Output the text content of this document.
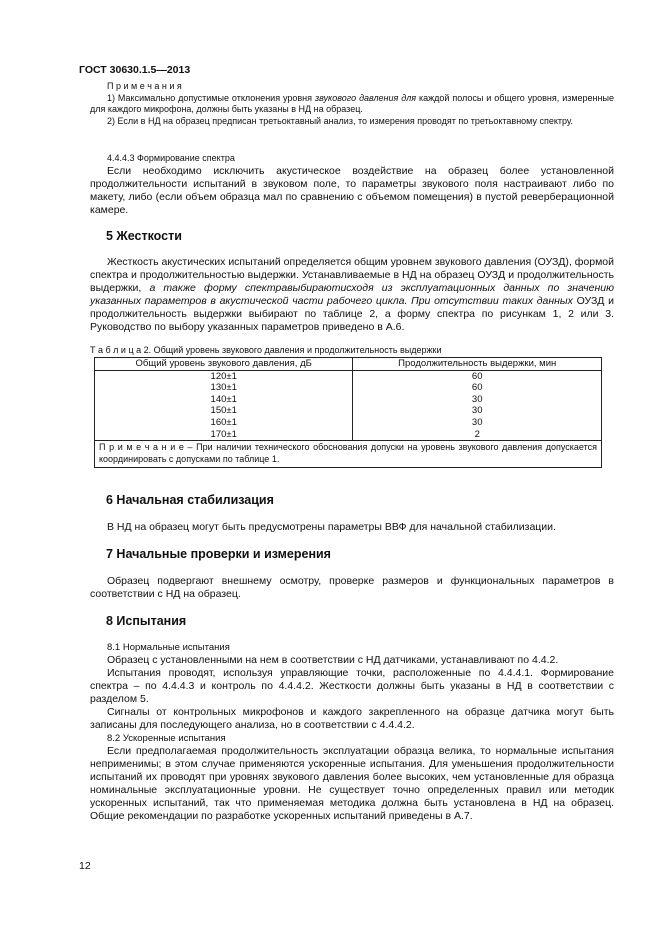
ГОСТ 30630.1.5—2013

П р и м е ч а н и я

1) Максимально допустимые отклонения уровня звукового давления для каждой полосы и общего уровня, измеренные для каждого микрофона, должны быть указаны в НД на образец.

2) Если в НД на образец предписан третьоктавный анализ, то измерения проводят по третьоктавному спектру.

4.4.4.3 Формирование спектра

Если необходимо исключить акустическое воздействие на образец более установленной продолжительности испытаний в звуковом поле, то параметры звукового поля настраивают либо по макету, либо (если объем образца мал по сравнению с объемом помещения) в пустой реверберационной камере.

5 Жесткости

Жесткость акустических испытаний определяется общим уровнем звукового давления (ОУЗД), формой спектра и продолжительностью выдержки. Устанавливаемые в НД на образец ОУЗД и продолжительность выдержки, а также форму спектравыбираютисходя из эксплуатационных данных по значению указанных параметров в акустической части рабочего цикла. При отсутствии таких данных ОУЗД и продолжительность выдержки выбирают по таблице 2, а форму спектра по рисункам 1, 2 или 3. Руководство по выбору указанных параметров приведено в А.6.

Т а б л и ц а 2. Общий уровень звукового давления и продолжительность выдержки
Общий уровень звукового давления, дБ	Продолжительность выдержки, мин
120±1	60
130±1	60
140±1	30
150±1	30
160±1	30
170±1	2
П р и м е ч а н и е – При наличии технического обоснования допуски на уровень звукового давления допускается координировать с допусками по таблице 1.	
6 Начальная стабилизация

В НД на образец могут быть предусмотрены параметры ВВФ для начальной стабилизации.

7 Начальные проверки и измерения

Образец подвергают внешнему осмотру, проверке размеров и функциональных параметров в соответствии с НД на образец.

8 Испытания

8.1 Нормальные испытания

Образец с установленными на нем в соответствии с НД датчиками, устанавливают по 4.4.2.

Испытания проводят, используя управляющие точки, расположенные по 4.4.4.1. Формирование спектра – по 4.4.4.3 и контроль по 4.4.4.2. Жесткости должны быть указаны в НД в соответствии с разделом 5.

Сигналы от контрольных микрофонов и каждого закрепленного на образце датчика могут быть записаны для последующего анализа, но в соответствии с 4.4.4.2.

8.2 Ускоренные испытания

Если предполагаемая продолжительность эксплуатации образца велика, то нормальные испытания неприменимы; в этом случае применяются ускоренные испытания. Для уменьшения продолжительности испытаний их проводят при уровнях звукового давления более высоких, чем установленные для образца номинальные эксплуатационные уровни. Не существует точно определенных правил или методик ускоренных испытаний, так что применяемая методика должна быть установлена в НД на образец. Общие рекомендации по разработке ускоренных испытаний приведены в А.7.

12
